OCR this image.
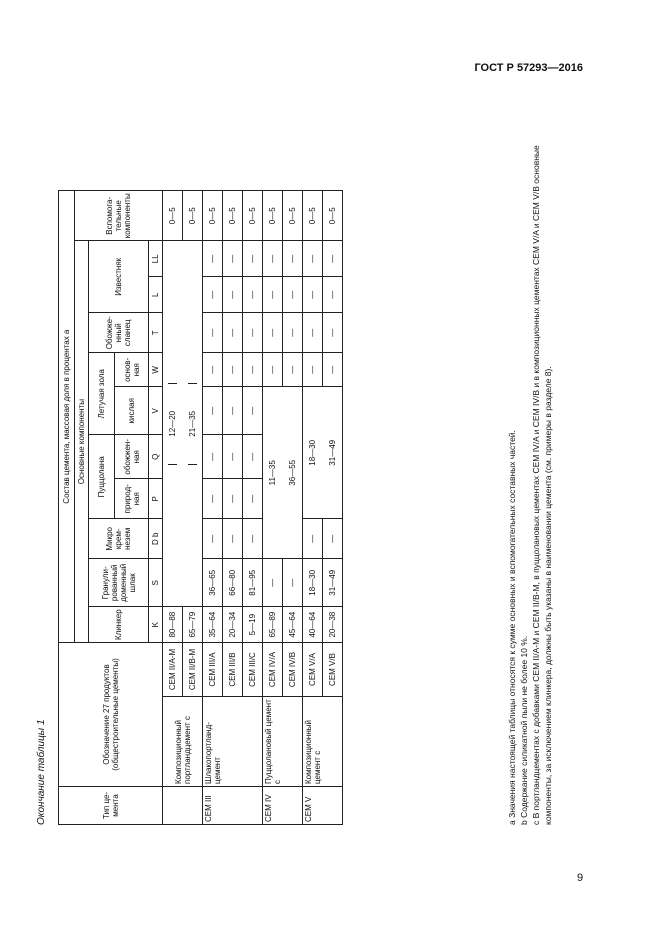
ГОСТ Р 57293—2016
Окончание таблицы 1	Тип це-мента	Обозначение 27 продуктов (общестроительные цементы)		Состав цемента, массовая доля в процентах а										
			Основные компоненты										Вспомога-тельные компоненты
			Клинкер	Гранули-рованный доменный шлак	Микро крем-незем	Пуццолана		Летучая зола		Обожже-нный сланец	Известняк		
						природ-ная	обожжен-ная	кислая	основ-ная				
			K	S	D b	P	Q	V	W	T	L	LL	
	Композиционный портландцемент с	CEM II/A-M	80—88	12—20									0—5
		CEM II/B-M	65—79	21—35									0—5
CEM III	Шлакопортланд-цемент	CEM III/A	35—64	36—65	—	—	—	—	—	—	—	—	0—5
		CEM III/B	20—34	66—80	—	—	—	—	—	—	—	—	0—5
		CEM III/C	5—19	81—95	—	—	—	—	—	—	—	—	0—5
CEM IV	Пуццолановый цемент с	CEM IV/A	65—89	—	11—35				—	—	—	—	0—5
		CEM IV/B	45—64	—	36—55				—	—	—	—	0—5
CEM V	Композиционный цемент с	CEM V/A	40—64	18—30	—	18—30			—	—	—	—	0—5
		CEM V/B	20—38	31—49	—	31—49			—	—	—	—	0—5
а Значения настоящей таблицы относятся к сумме основных и вспомогательных составных частей. b Содержание силикатной пыли не более 10 %. с В портландцементах с добавками CEM II/A-M и CEM II/B-M, в пуццолановых цементах CEM IV/A и CEM IV/B и в композиционных цементах CEM V/A и CEM V/B основные компоненты, за исключением клинкера, должны быть указаны в наименовании цемента (см. примеры в разделе 8).
9
